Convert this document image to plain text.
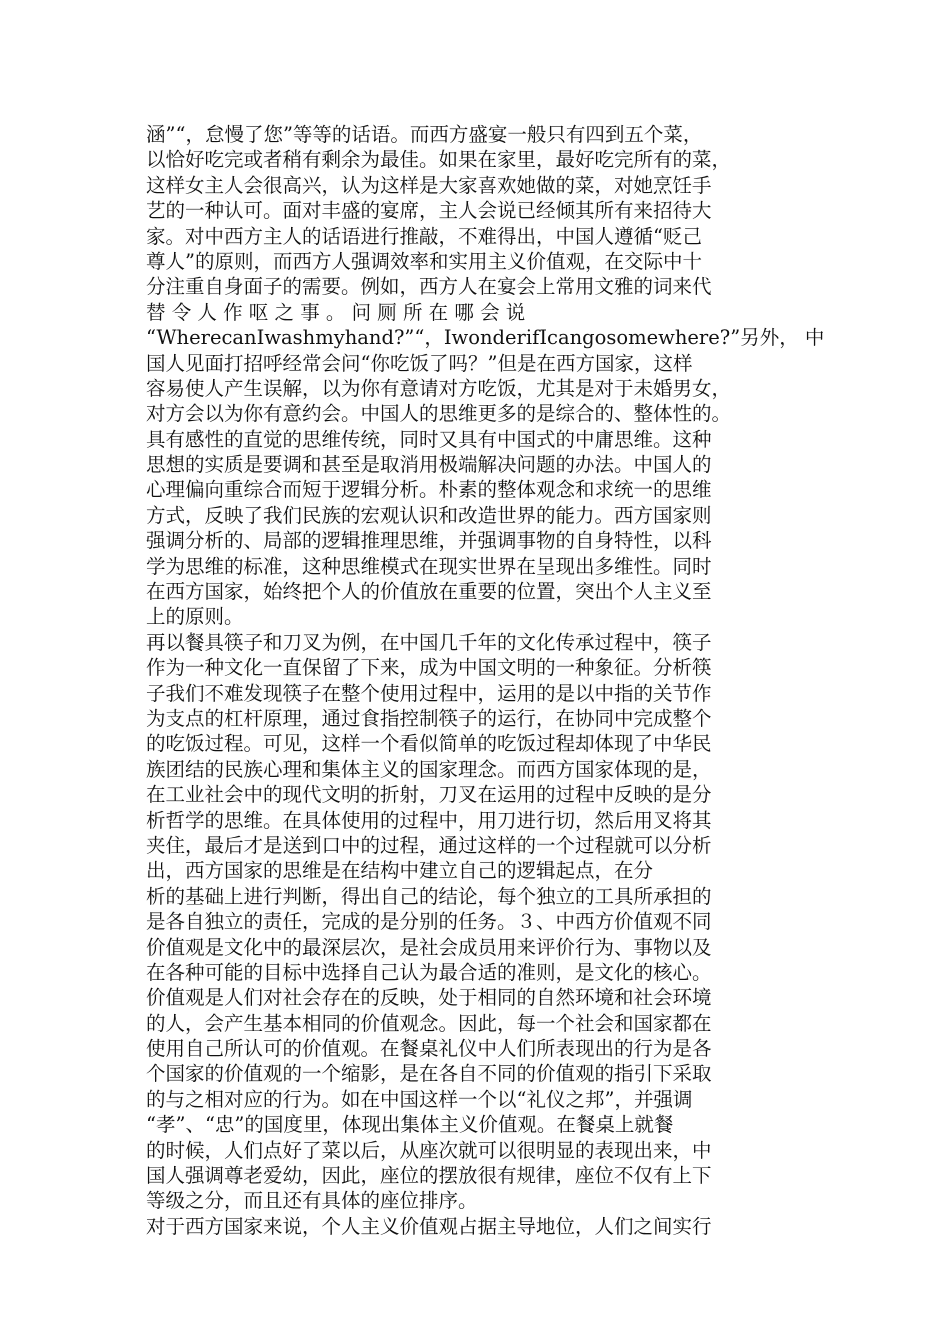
涵”“，怠慢了您”等等的话语。而西方盛宴一般只有四到五个菜，
以恰好吃完或者稍有剩余为最佳。如果在家里，最好吃完所有的菜，
这样女主人会很高兴，认为这样是大家喜欢她做的菜，对她烹饪手
艺的一种认可。面对丰盛的宴席，主人会说已经倾其所有来招待大
家。对中西方主人的话语进行推敲，不难得出，中国人遵循“贬己
尊人”的原则，而西方人强调效率和实用主义价值观，在交际中十
分注重自身面子的需要。例如，西方人在宴会上常用文雅的词来代
替 令 人 作 呕 之 事 。 问 厕 所 在 哪 会 说
“WherecanIwashmyhand?”“，IwonderifIcangosomewhere?”另外， 中
国人见面打招呼经常会问“你吃饭了吗？”但是在西方国家，这样
容易使人产生误解，以为你有意请对方吃饭，尤其是对于未婚男女，
对方会以为你有意约会。中国人的思维更多的是综合的、整体性的。
具有感性的直觉的思维传统，同时又具有中国式的中庸思维。这种
思想的实质是要调和甚至是取消用极端解决问题的办法。中国人的
心理偏向重综合而短于逻辑分析。朴素的整体观念和求统一的思维
方式，反映了我们民族的宏观认识和改造世界的能力。西方国家则
强调分析的、局部的逻辑推理思维，并强调事物的自身特性，以科
学为思维的标准，这种思维模式在现实世界在呈现出多维性。同时
在西方国家，始终把个人的价值放在重要的位置，突出个人主义至
上的原则。
再以餐具筷子和刀叉为例，在中国几千年的文化传承过程中，筷子
作为一种文化一直保留了下来，成为中国文明的一种象征。分析筷
子我们不难发现筷子在整个使用过程中，运用的是以中指的关节作
为支点的杠杆原理，通过食指控制筷子的运行，在协同中完成整个
的吃饭过程。可见，这样一个看似简单的吃饭过程却体现了中华民
族团结的民族心理和集体主义的国家理念。而西方国家体现的是，
在工业社会中的现代文明的折射，刀叉在运用的过程中反映的是分
析哲学的思维。在具体使用的过程中，用刀进行切，然后用叉将其
夹住，最后才是送到口中的过程，通过这样的一个过程就可以分析
出，西方国家的思维是在结构中建立自己的逻辑起点，在分
析的基础上进行判断，得出自己的结论，每个独立的工具所承担的
是各自独立的责任，完成的是分别的任务。３、中西方价值观不同
价值观是文化中的最深层次，是社会成员用来评价行为、事物以及
在各种可能的目标中选择自己认为最合适的准则，是文化的核心。
价值观是人们对社会存在的反映，处于相同的自然环境和社会环境
的人，会产生基本相同的价值观念。因此，每一个社会和国家都在
使用自己所认可的价值观。在餐桌礼仪中人们所表现出的行为是各
个国家的价值观的一个缩影，是在各自不同的价值观的指引下采取
的与之相对应的行为。如在中国这样一个以“礼仪之邦”，并强调
“孝”、“忠”的国度里，体现出集体主义价值观。在餐桌上就餐
的时候，人们点好了菜以后，从座次就可以很明显的表现出来，中
国人强调尊老爱幼，因此，座位的摆放很有规律，座位不仅有上下
等级之分，而且还有具体的座位排序。
对于西方国家来说，个人主义价值观占据主导地位，人们之间实行
